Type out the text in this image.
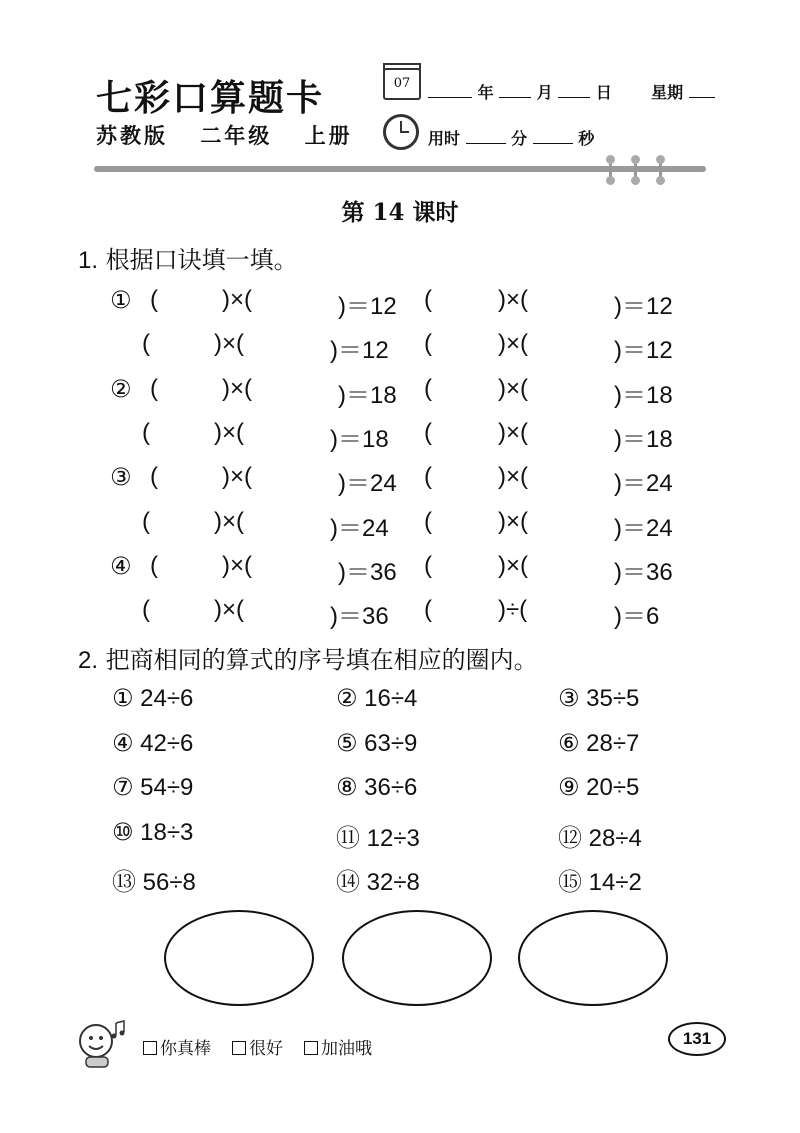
七彩口算题卡
苏教版 二年级 上册
07	年	月	日 星期
用时	分	秒
第 14 课时
1. 根据口诀填一填。
① (	)×(	)＝12 (	)×(	)＝12
(	)×(	)＝12 (	)×(	)＝12
② (	)×(	)＝18 (	)×(	)＝18
(	)×(	)＝18 (	)×(	)＝18
③ (	)×(	)＝24 (	)×(	)＝24
(	)×(	)＝24 (	)×(	)＝24
④ (	)×(	)＝36 (	)×(	)＝36
(	)×(	)＝36 (	)÷(	)＝6
2. 把商相同的算式的序号填在相应的圈内。
① 24÷6	② 16÷4	③ 35÷5
④ 42÷6	⑤ 63÷9	⑥ 28÷7
⑦ 54÷9	⑧ 36÷6	⑨ 20÷5
⑩ 18÷3	⑪ 12÷3	⑫ 28÷4
⑬ 56÷8	⑭ 32÷8	⑮ 14÷2
你真棒	很好	加油哦
131
